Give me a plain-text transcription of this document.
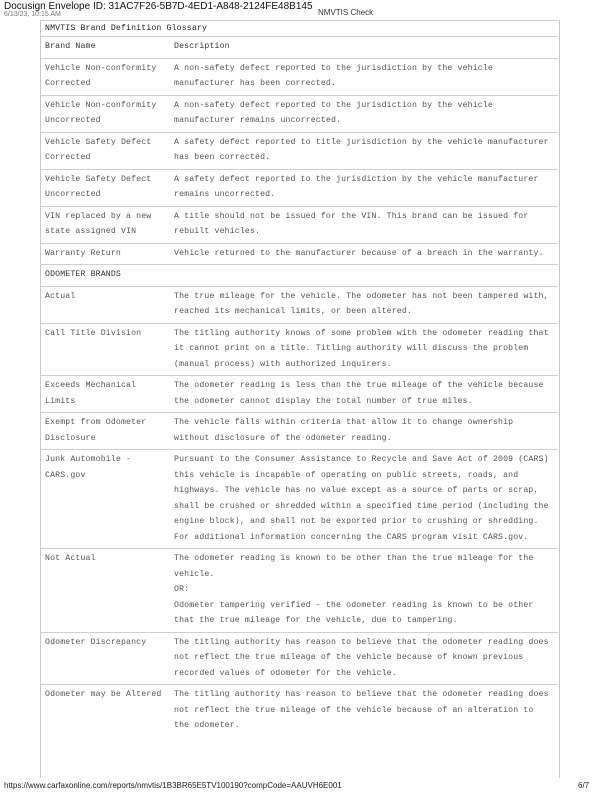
Docusign Envelope ID: 31AC7F26-5B7D-4ED1-A848-2124FE48B145
6/13/23, 10:15 AM	NMVTIS Check
NMVTIS Brand Definition Glossary	
Brand Name	Description
Vehicle Non-conformity Corrected	A non-safety defect reported to the jurisdiction by the vehicle manufacturer has been corrected.
Vehicle Non-conformity Uncorrected	A non-safety defect reported to the jurisdiction by the vehicle manufacturer remains uncorrected.
Vehicle Safety Defect Corrected	A safety defect reported to title jurisdiction by the vehicle manufacturer has been corrected.
Vehicle Safety Defect Uncorrected	A safety defect reported to the jurisdiction by the vehicle manufacturer remains uncorrected.
VIN replaced by a new state assigned VIN	A title should not be issued for the VIN. This brand can be issued for rebuilt vehicles.
Warranty Return	Vehicle returned to the manufacturer because of a breach in the warranty.
ODOMETER BRANDS	
Actual	The true mileage for the vehicle. The odometer has not been tampered with, reached its mechanical limits, or been altered.
Call Title Division	The titling authority knows of some problem with the odometer reading that it cannot print on a title. Titling authority will discuss the problem (manual process) with authorized inquirers.
Exceeds Mechanical Limits	The odometer reading is less than the true mileage of the vehicle because the odometer cannot display the total number of true miles.
Exempt from Odometer Disclosure	The vehicle falls within criteria that allow it to change ownership without disclosure of the odometer reading.
Junk Automobile - CARS.gov	Pursuant to the Consumer Assistance to Recycle and Save Act of 2009 (CARS) this vehicle is incapable of operating on public streets, roads, and highways. The vehicle has no value except as a source of parts or scrap, shall be crushed or shredded within a specified time period (including the engine block), and shall not be exported prior to crushing or shredding. For additional information concerning the CARS program visit CARS.gov.
Not Actual	The odometer reading is known to be other than the true mileage for the vehicle.
OR:
Odometer tampering verified - the odometer reading is known to be other that the true mileage for the vehicle, due to tampering.

Odometer Discrepancy	The titling authority has reason to believe that the odometer reading does not reflect the true mileage of the vehicle because of known previous recorded values of odometer for the vehicle.
Odometer may be Altered	The titling authority has reason to believe that the odometer reading does not reflect the true mileage of the vehicle because of an alteration to the odometer.
https://www.carfaxonline.com/reports/nmvtis/1B3BR65E5TV100190?compCode=AAUVH6E001	6/7
